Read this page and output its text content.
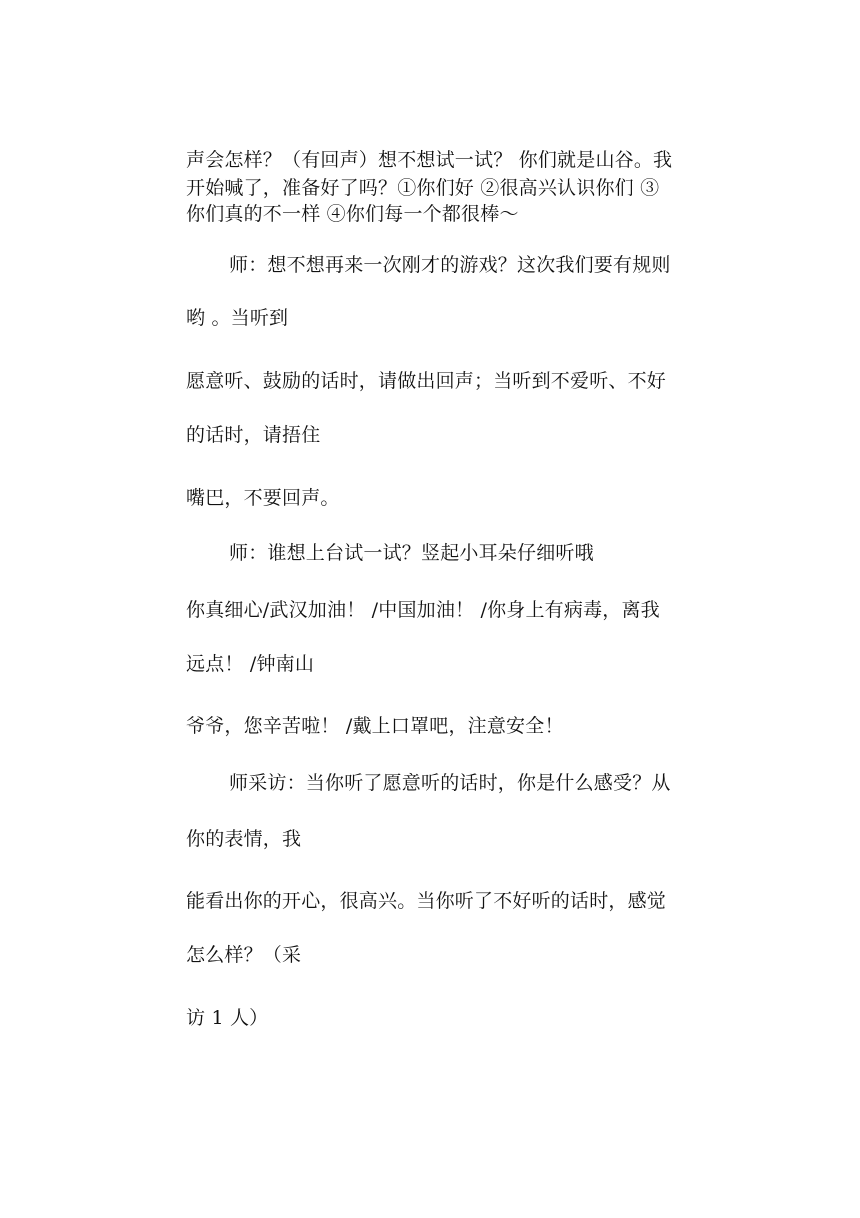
声会怎样？（有回声）想不想试一试？ 你们就是山谷。我
开始喊了，准备好了吗？①你们好 ②很高兴认识你们 ③
你们真的不一样 ④你们每一个都很棒～
师：想不想再来一次刚才的游戏？这次我们要有规则
哟 。当听到
愿意听、鼓励的话时，请做出回声；当听到不爱听、不好
的话时，请捂住
嘴巴，不要回声。
师：谁想上台试一试？竖起小耳朵仔细听哦
你真细心/武汉加油！ /中国加油！ /你身上有病毒，离我
远点！ /钟南山
爷爷，您辛苦啦！ /戴上口罩吧，注意安全！
师采访：当你听了愿意听的话时，你是什么感受？从
你的表情，我
能看出你的开心，很高兴。当你听了不好听的话时，感觉
怎么样？（采
访 1 人）
